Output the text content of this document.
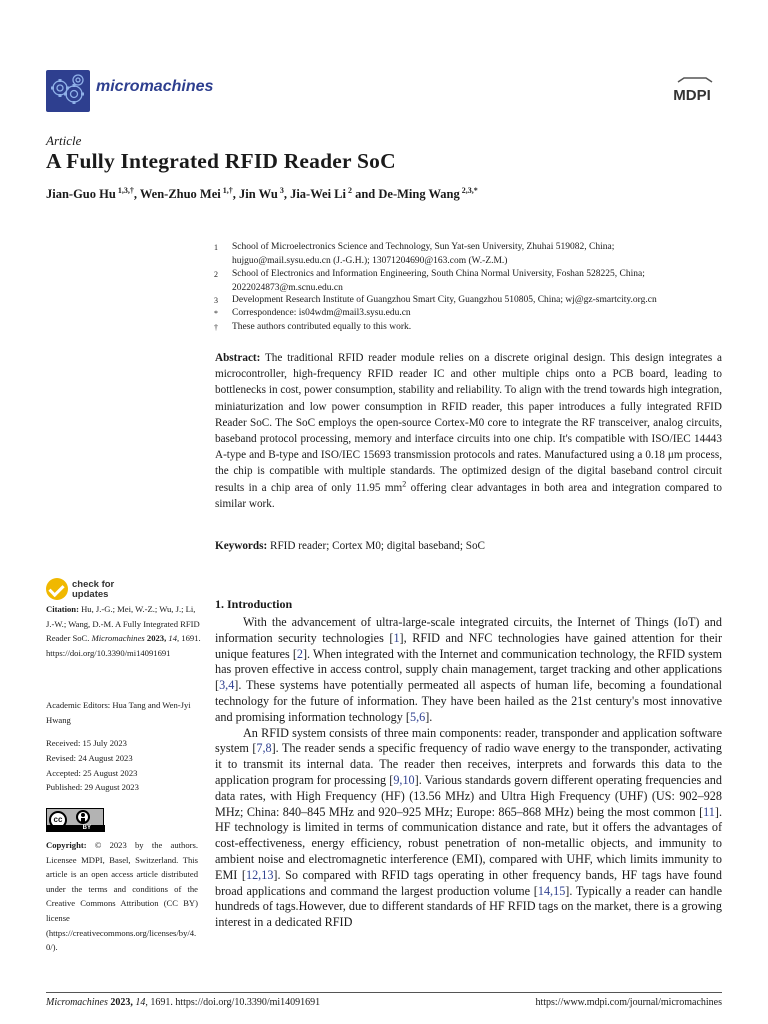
micromachines
MDPI
Article
A Fully Integrated RFID Reader SoC
Jian-Guo Hu $^{1,3,\dagger}$, Wen-Zhuo Mei $^{1,\dagger}$, Jin Wu $^3$, Jia-Wei Li $^2$ and De-Ming Wang $^{2,3,*}$
1 School of Microelectronics Science and Technology, Sun Yat-sen University, Zhuhai 519082, China;
hujguo@mail.sysu.edu.cn (J.-G.H.); 13071204690@163.com (W.-Z.M.)
2 School of Electronics and Information Engineering, South China Normal University, Foshan 528225, China;
2022024873@m.scnu.edu.cn
3 Development Research Institute of Guangzhou Smart City, Guangzhou 510805, China; wj@gz-smartcity.org.cn
* Correspondence: is04wdm@mail3.sysu.edu.cn
† These authors contributed equally to this work.
Abstract: The traditional RFID reader module relies on a discrete original design. This design integrates a microcontroller, high-frequency RFID reader IC and other multiple chips onto a PCB board, leading to bottlenecks in cost, power consumption, stability and reliability. To align with the trend towards high integration, miniaturization and low power consumption in RFID reader, this paper introduces a fully integrated RFID Reader SoC. The SoC employs the open-source Cortex-M0 core to integrate the RF transceiver, analog circuits, baseband protocol processing, memory and interface circuits into one chip. It's compatible with ISO/IEC 14443 A-type and B-type and ISO/IEC 15693 transmission protocols and rates. Manufactured using a 0.18 μm process, the chip is compatible with multiple standards. The optimized design of the digital baseband control circuit results in a chip area of only 11.95 $mm^2$ offering clear advantages in both area and integration compared to similar work.
Keywords: RFID reader; Cortex M0; digital baseband; SoC
check for updates
Citation: Hu, J.-G.; Mei, W.-Z.; Wu, J.; Li, J.-W.; Wang, D.-M. A Fully Integrated RFID Reader SoC. Micromachines 2023, 14, 1691. https://doi.org/10.3390/mi14091691
Academic Editors: Hua Tang and Wen-Jyi Hwang
Received: 15 July 2023
Revised: 24 August 2023
Accepted: 25 August 2023
Published: 29 August 2023
cc
BY
Copyright: © 2023 by the authors. Licensee MDPI, Basel, Switzerland. This article is an open access article distributed under the terms and conditions of the Creative Commons Attribution (CC BY) license (https://creativecommons.org/licenses/by/4.0/).
1. Introduction

With the advancement of ultra-large-scale integrated circuits, the Internet of Things (IoT) and information security technologies [1], RFID and NFC technologies have gained attention for their unique features [2]. When integrated with the Internet and communication technology, the RFID system has proven effective in access control, supply chain management, target tracking and other applications [3,4]. These systems have potentially permeated all aspects of human life, becoming a foundational technology for the future of information. They have been hailed as the 21st century's most innovative and promising information technology [5,6].

An RFID system consists of three main components: reader, transponder and application software system [7,8]. The reader sends a specific frequency of radio wave energy to the transponder, activating it to transmit its internal data. The reader then receives, interprets and forwards this data to the application program for processing [9,10]. Various standards govern different operating frequencies and data rates, with High Frequency (HF) (13.56 MHz) and Ultra High Frequency (UHF) (US: 902–928 MHz; China: 840–845 MHz and 920–925 MHz; Europe: 865–868 MHz) being the most common [11]. HF technology is limited in terms of communication distance and rate, but it offers the advantages of cost-effectiveness, energy efficiency, robust penetration of non-metallic objects, and immunity to ambient noise and electromagnetic interference (EMI), compared with UHF, which limits immunity to EMI [12,13]. So compared with RFID tags operating in other frequency bands, HF tags have found broad applications and command the largest production volume [14,15]. Typically a reader can handle hundreds of tags.However, due to different standards of HF RFID tags on the market, there is a growing interest in a dedicated RFID

Micromachines 2023, 14, 1691. https://doi.org/10.3390/mi14091691	https://www.mdpi.com/journal/micromachines
